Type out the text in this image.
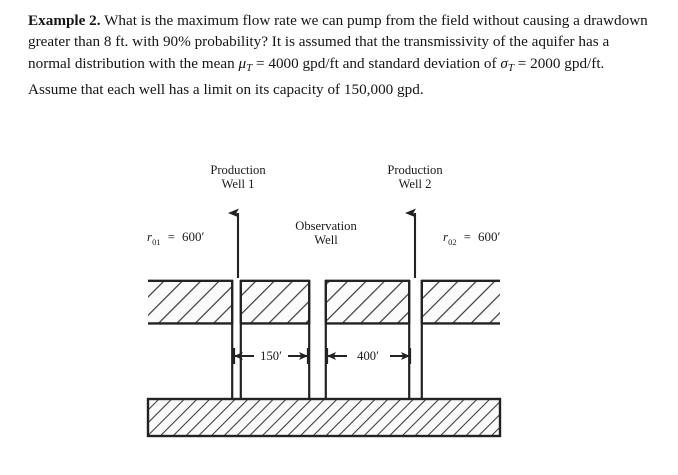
Example 2. What is the maximum flow rate we can pump from the field without causing a drawdown greater than 8 ft. with 90% probability? It is assumed that the transmissivity of the aquifer has a normal distribution with the mean $\mu_T = 4000$ gpd/ft and standard deviation of $\sigma_T = 2000$ gpd/ft. Assume that each well has a limit on its capacity of 150,000 gpd.
Production
Well 1
Production
Well 2
Observation
Well
$r_{01} = 600'$	$r_{02} = 600'$
150′	400′
